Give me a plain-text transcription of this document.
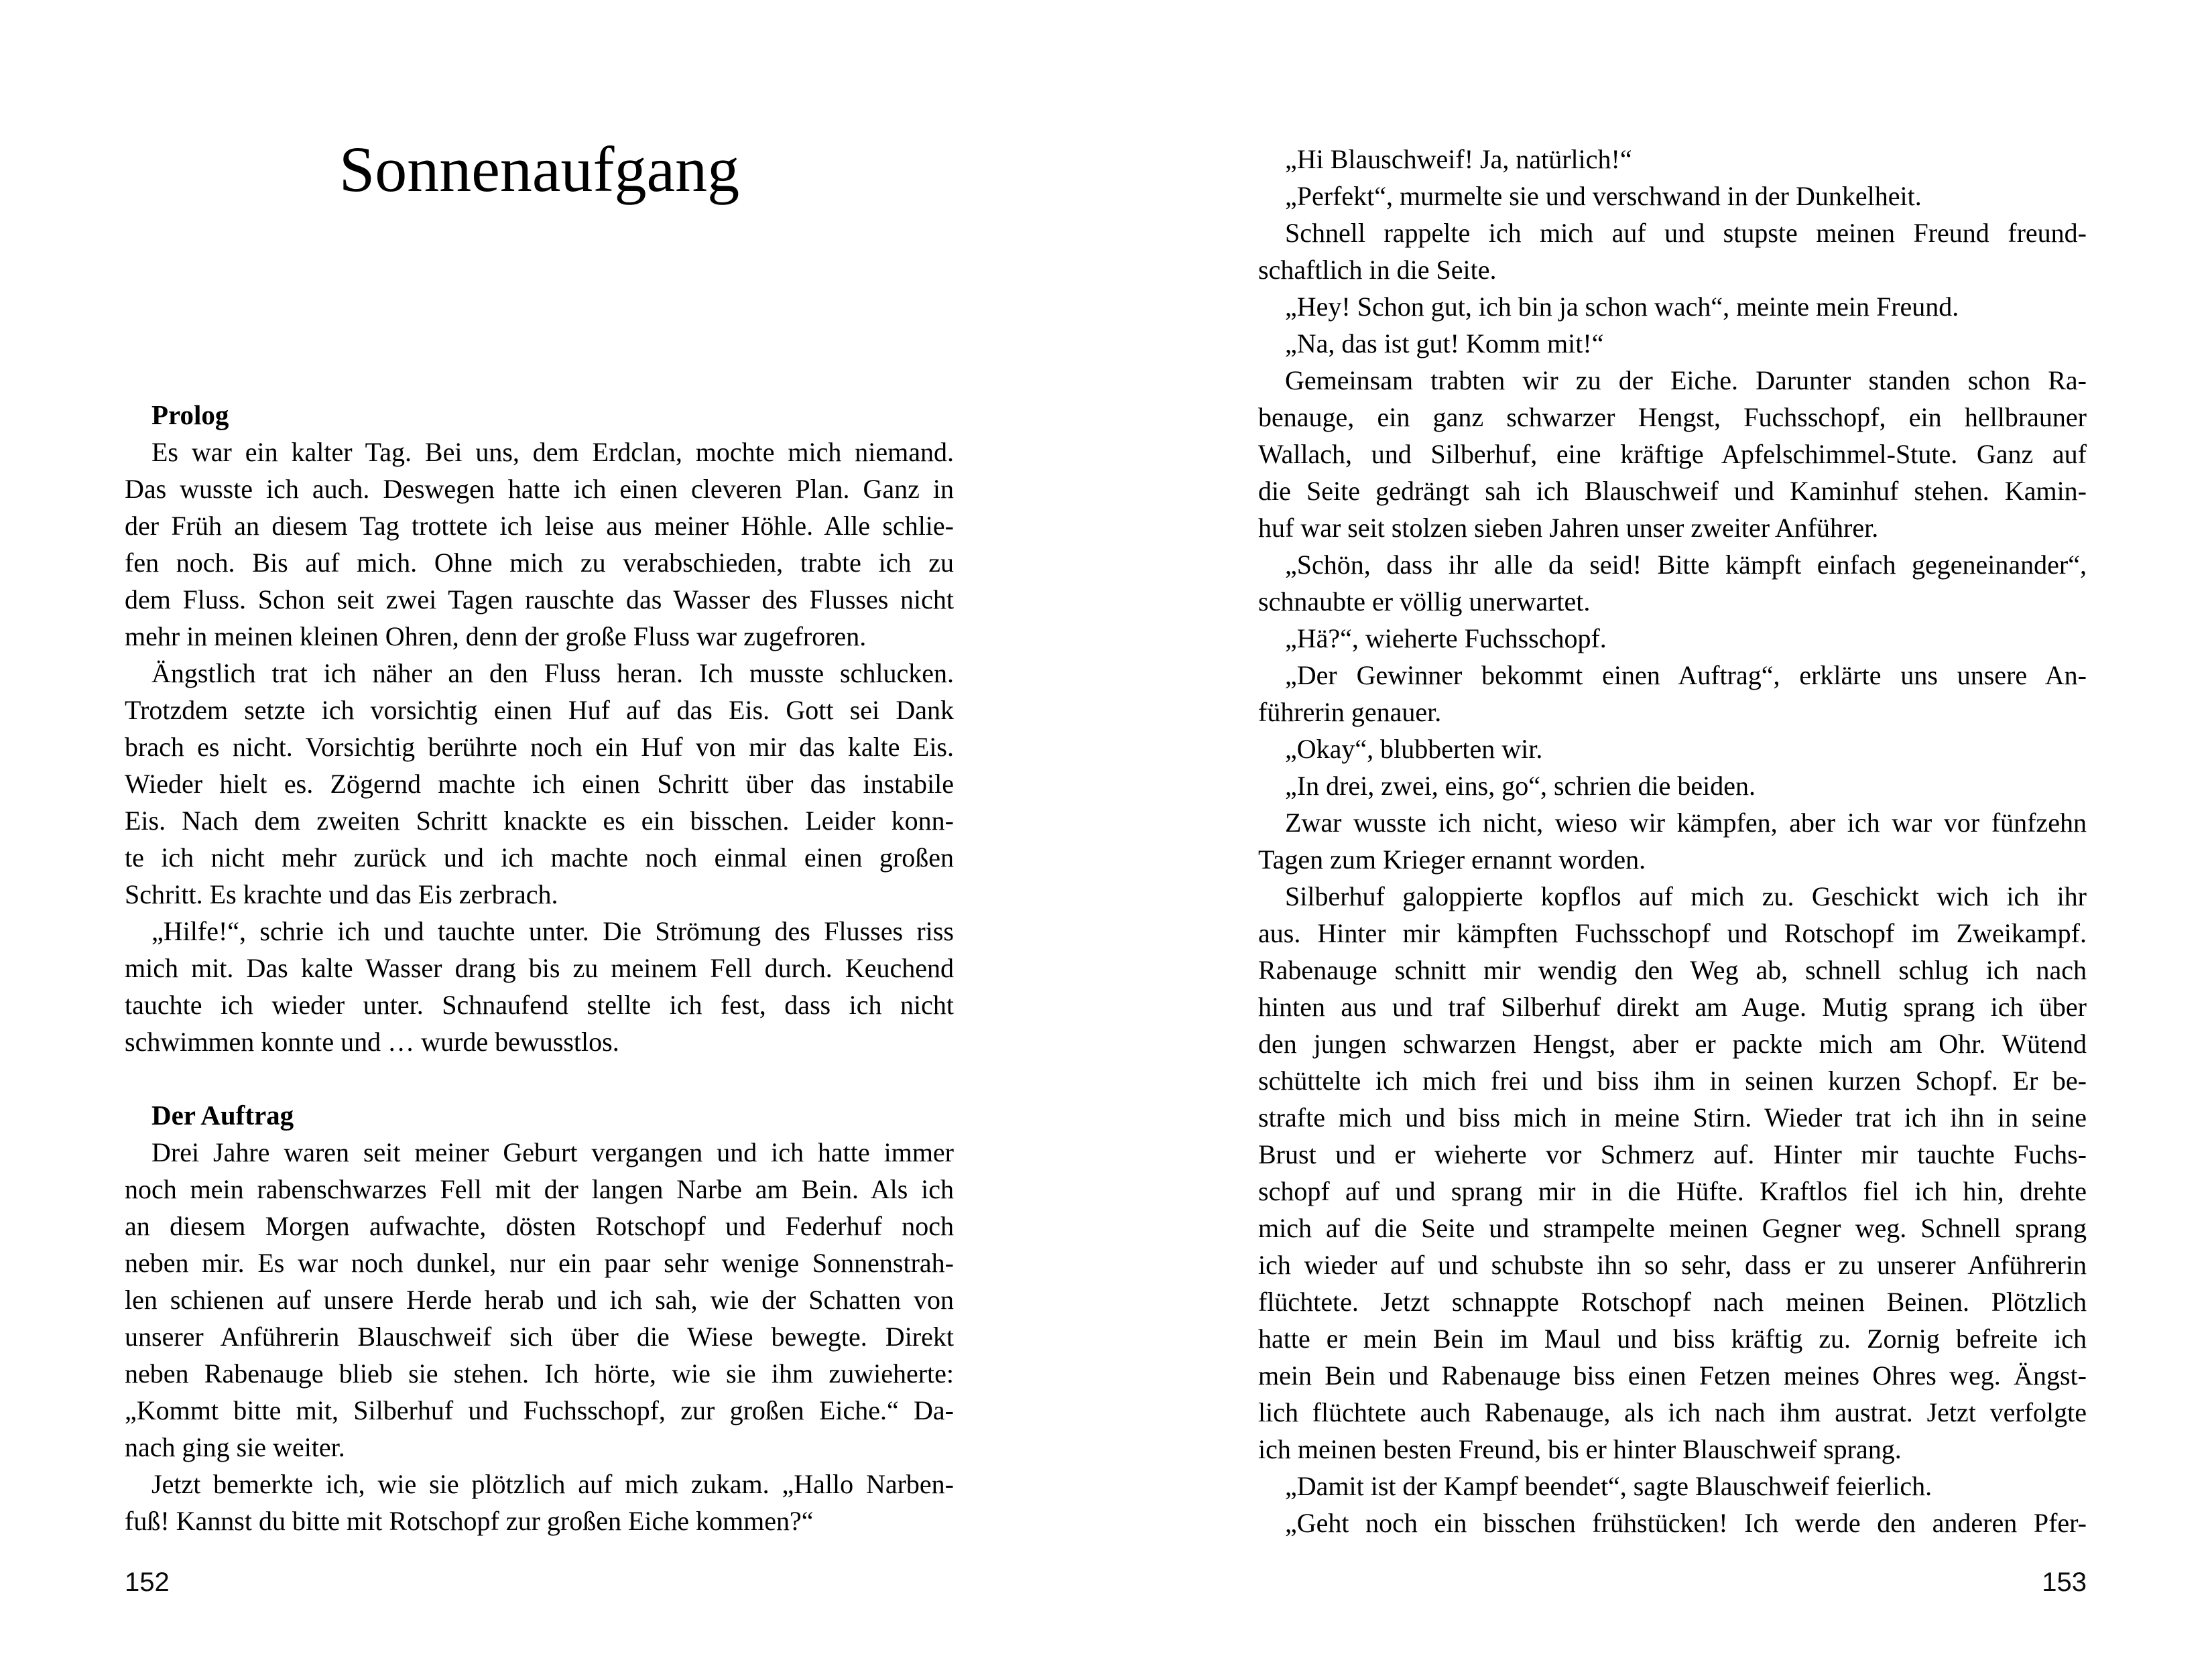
Sonnenaufgang
Prolog
Es war ein kalter Tag. Bei uns, dem Erdclan, mochte mich niemand.
Das wusste ich auch. Deswegen hatte ich einen cleveren Plan. Ganz in
der Früh an diesem Tag trottete ich leise aus meiner Höhle. Alle schlie-
fen noch. Bis auf mich. Ohne mich zu verabschieden, trabte ich zu
dem Fluss. Schon seit zwei Tagen rauschte das Wasser des Flusses nicht
mehr in meinen kleinen Ohren, denn der große Fluss war zugefroren.
Ängstlich trat ich näher an den Fluss heran. Ich musste schlucken.
Trotzdem setzte ich vorsichtig einen Huf auf das Eis. Gott sei Dank
brach es nicht. Vorsichtig berührte noch ein Huf von mir das kalte Eis.
Wieder hielt es. Zögernd machte ich einen Schritt über das instabile
Eis. Nach dem zweiten Schritt knackte es ein bisschen. Leider konn-
te ich nicht mehr zurück und ich machte noch einmal einen großen
Schritt. Es krachte und das Eis zerbrach.
„Hilfe!“, schrie ich und tauchte unter. Die Strömung des Flusses riss
mich mit. Das kalte Wasser drang bis zu meinem Fell durch. Keuchend
tauchte ich wieder unter. Schnaufend stellte ich fest, dass ich nicht
schwimmen konnte und … wurde bewusstlos.
Der Auftrag
Drei Jahre waren seit meiner Geburt vergangen und ich hatte immer
noch mein rabenschwarzes Fell mit der langen Narbe am Bein. Als ich
an diesem Morgen aufwachte, dösten Rotschopf und Federhuf noch
neben mir. Es war noch dunkel, nur ein paar sehr wenige Sonnenstrah-
len schienen auf unsere Herde herab und ich sah, wie der Schatten von
unserer Anführerin Blauschweif sich über die Wiese bewegte. Direkt
neben Rabenauge blieb sie stehen. Ich hörte, wie sie ihm zuwieherte:
„Kommt bitte mit, Silberhuf und Fuchsschopf, zur großen Eiche.“ Da-
nach ging sie weiter.
Jetzt bemerkte ich, wie sie plötzlich auf mich zukam. „Hallo Narben-
fuß! Kannst du bitte mit Rotschopf zur großen Eiche kommen?“
152
„Hi Blauschweif! Ja, natürlich!“
„Perfekt“, murmelte sie und verschwand in der Dunkelheit.
Schnell rappelte ich mich auf und stupste meinen Freund freund-
schaftlich in die Seite.
„Hey! Schon gut, ich bin ja schon wach“, meinte mein Freund.
„Na, das ist gut! Komm mit!“
Gemeinsam trabten wir zu der Eiche. Darunter standen schon Ra-
benauge, ein ganz schwarzer Hengst, Fuchsschopf, ein hellbrauner
Wallach, und Silberhuf, eine kräftige Apfelschimmel-Stute. Ganz auf
die Seite gedrängt sah ich Blauschweif und Kaminhuf stehen. Kamin-
huf war seit stolzen sieben Jahren unser zweiter Anführer.
„Schön, dass ihr alle da seid! Bitte kämpft einfach gegeneinander“,
schnaubte er völlig unerwartet.
„Hä?“, wieherte Fuchsschopf.
„Der Gewinner bekommt einen Auftrag“, erklärte uns unsere An-
führerin genauer.
„Okay“, blubberten wir.
„In drei, zwei, eins, go“, schrien die beiden.
Zwar wusste ich nicht, wieso wir kämpfen, aber ich war vor fünfzehn
Tagen zum Krieger ernannt worden.
Silberhuf galoppierte kopflos auf mich zu. Geschickt wich ich ihr
aus. Hinter mir kämpften Fuchsschopf und Rotschopf im Zweikampf.
Rabenauge schnitt mir wendig den Weg ab, schnell schlug ich nach
hinten aus und traf Silberhuf direkt am Auge. Mutig sprang ich über
den jungen schwarzen Hengst, aber er packte mich am Ohr. Wütend
schüttelte ich mich frei und biss ihm in seinen kurzen Schopf. Er be-
strafte mich und biss mich in meine Stirn. Wieder trat ich ihn in seine
Brust und er wieherte vor Schmerz auf. Hinter mir tauchte Fuchs-
schopf auf und sprang mir in die Hüfte. Kraftlos fiel ich hin, drehte
mich auf die Seite und strampelte meinen Gegner weg. Schnell sprang
ich wieder auf und schubste ihn so sehr, dass er zu unserer Anführerin
flüchtete. Jetzt schnappte Rotschopf nach meinen Beinen. Plötzlich
hatte er mein Bein im Maul und biss kräftig zu. Zornig befreite ich
mein Bein und Rabenauge biss einen Fetzen meines Ohres weg. Ängst-
lich flüchtete auch Rabenauge, als ich nach ihm austrat. Jetzt verfolgte
ich meinen besten Freund, bis er hinter Blauschweif sprang.
„Damit ist der Kampf beendet“, sagte Blauschweif feierlich.
„Geht noch ein bisschen frühstücken! Ich werde den anderen Pfer-
153
